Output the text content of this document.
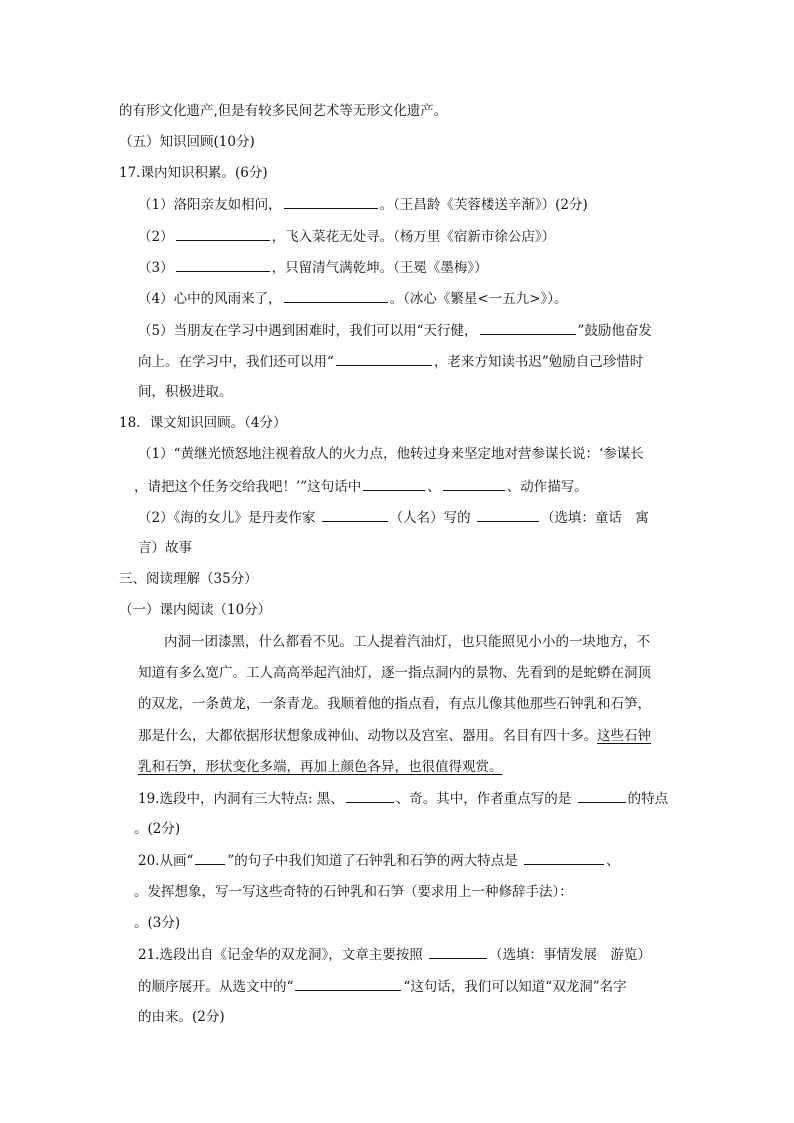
的有形文化遗产,但是有较多民间艺术等无形文化遗产。
（五）知识回顾(10分)
17.课内知识积累。(6分)
（1）洛阳亲友如相问，	。（王昌龄《芙蓉楼送辛渐》）(2分)
（2）	，飞入菜花无处寻。（杨万里《宿新市徐公店》）
（3）	，只留清气满乾坤。（王冕《墨梅》）
（4）心中的风雨来了，	。（冰心《繁星<一五九>》）。
（5）当朋友在学习中遇到困难时，我们可以用“天行健，	”鼓励他奋发
向上。在学习中，我们还可以用“	，老来方知读书迟”勉励自己珍惜时
间，积极进取。
18．课文知识回顾。（4分）
（1）“黄继光愤怒地注视着敌人的火力点，他转过身来坚定地对营参谋长说：‘参谋长
，请把这个任务交给我吧！’”这句话中	、	、动作描写。
（2）《海的女儿》是丹麦作家	（人名）写的	（选填：童话　寓
言）故事
三、阅读理解（35分）
（一）课内阅读（10分）
内洞一团漆黑，什么都看不见。工人提着汽油灯，也只能照见小小的一块地方，不
知道有多么宽广。工人高高举起汽油灯，逐一指点洞内的景物、先看到的是蛇蟒在洞顶
的双龙，一条黄龙，一条青龙。我顺着他的指点看，有点儿像其他那些石钟乳和石笋，
那是什么，大都依据形状想象成神仙、动物以及宫室、器用。名目有四十多。这些石钟
乳和石笋，形状变化多端，再加上颜色各异，也很值得观赏。
19.选段中，内洞有三大特点: 黑、	、奇。其中，作者重点写的是	的特点
。(2分)
20.从画“	”的句子中我们知道了石钟乳和石笋的两大特点是	、
。发挥想象，写一写这些奇特的石钟乳和石笋（要求用上一种修辞手法）：
。(3分)
21.选段出自《记金华的双龙洞》，文章主要按照	（选填：事情发展　游览）
的顺序展开。从选文中的“	“这句话，我们可以知道“双龙洞”名字
的由来。(2分)
